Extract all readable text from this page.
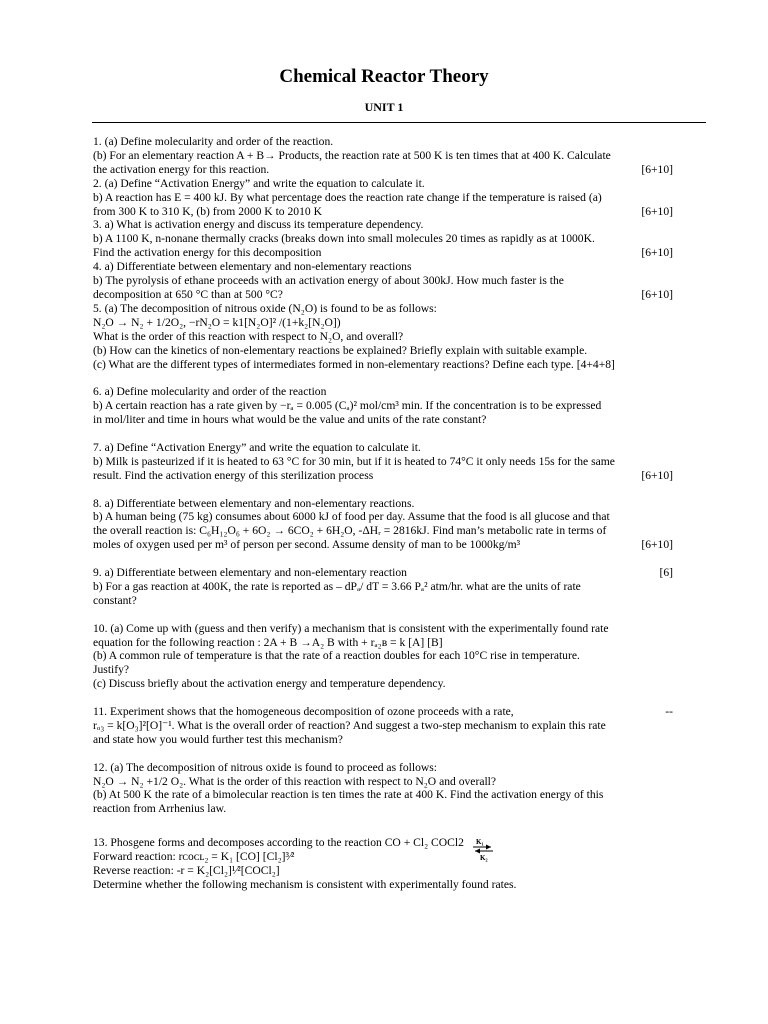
Chemical Reactor Theory
UNIT 1
1. (a) Define molecularity and order of the reaction.
(b) For an elementary reaction A + B→ Products, the reaction rate at 500 K is ten times that at 400 K. Calculate
the activation energy for this reaction.	[6+10]
2. (a) Define “Activation Energy” and write the equation to calculate it.
b) A reaction has E = 400 kJ. By what percentage does the reaction rate change if the temperature is raised (a)
from 300 K to 310 K, (b) from 2000 K to 2010 K	[6+10]
3. a) What is activation energy and discuss its temperature dependency.
b) A 1100 K, n-nonane thermally cracks (breaks down into small molecules 20 times as rapidly as at 1000K.
Find the activation energy for this decomposition	[6+10]
4. a) Differentiate between elementary and non-elementary reactions
b) The pyrolysis of ethane proceeds with an activation energy of about 300kJ. How much faster is the
decomposition at 650 °C than at 500 °C?	[6+10]
5. (a) The decomposition of nitrous oxide (N₂O) is found to be as follows:
N₂O → N₂ + 1/2O₂, −rN₂O = k1[N₂O]² /(1+k₂[N₂O])
What is the order of this reaction with respect to N₂O, and overall?
(b) How can the kinetics of non-elementary reactions be explained? Briefly explain with suitable example.
(c) What are the different types of intermediates formed in non-elementary reactions? Define each type. [4+4+8]
6. a) Define molecularity and order of the reaction
b) A certain reaction has a rate given by −rₐ = 0.005 (Cₐ)² mol/cm³ min. If the concentration is to be expressed
in mol/liter and time in hours what would be the value and units of the rate constant?
7. a) Define “Activation Energy” and write the equation to calculate it.
b) Milk is pasteurized if it is heated to 63 °C for 30 min, but if it is heated to 74°C it only needs 15s for the same
result. Find the activation energy of this sterilization process	[6+10]
8. a) Differentiate between elementary and non-elementary reactions.
b) A human being (75 kg) consumes about 6000 kJ of food per day. Assume that the food is all glucose and that
the overall reaction is: C₆H₁₂O₆ + 6O₂ → 6CO₂ + 6H₂O, -ΔHᵣ = 2816kJ. Find man’s metabolic rate in terms of
moles of oxygen used per m³ of person per second. Assume density of man to be 1000kg/m³	[6+10]
9. a) Differentiate between elementary and non-elementary reaction	[6]
b) For a gas reaction at 400K, the rate is reported as – dPₐ/ dT = 3.66 Pₐ² atm/hr. what are the units of rate
constant?
10. (a) Come up with (guess and then verify) a mechanism that is consistent with the experimentally found rate
equation for the following reaction : 2A + B →A₂ B with + rₐ₂ʙ = k [A] [B]
(b) A common rule of temperature is that the rate of a reaction doubles for each 10°C rise in temperature.
Justify?
(c) Discuss briefly about the activation energy and temperature dependency.
11. Experiment shows that the homogeneous decomposition of ozone proceeds with a rate,	--
rₒ₃ = k[O₃]²[O]⁻¹. What is the overall order of reaction? And suggest a two-step mechanism to explain this rate
and state how you would further test this mechanism?
12. (a) The decomposition of nitrous oxide is found to proceed as follows:
N₂O → N₂ +1/2 O₂. What is the order of this reaction with respect to N₂O and overall?
(b) At 500 K the rate of a bimolecular reaction is ten times the rate at 400 K. Find the activation energy of this
reaction from Arrhenius law.
13. Phosgene forms and decomposes according to the reaction CO + Cl₂ COCl2
Forward reaction: rᴄᴏᴄʟ₂ = K₁ [CO] [Cl₂]³⁄²
Reverse reaction: -r = K₂[Cl₂]¹⁄²[COCl₂]
Determine whether the following mechanism is consistent with experimentally found rates.
K₁
K₂
